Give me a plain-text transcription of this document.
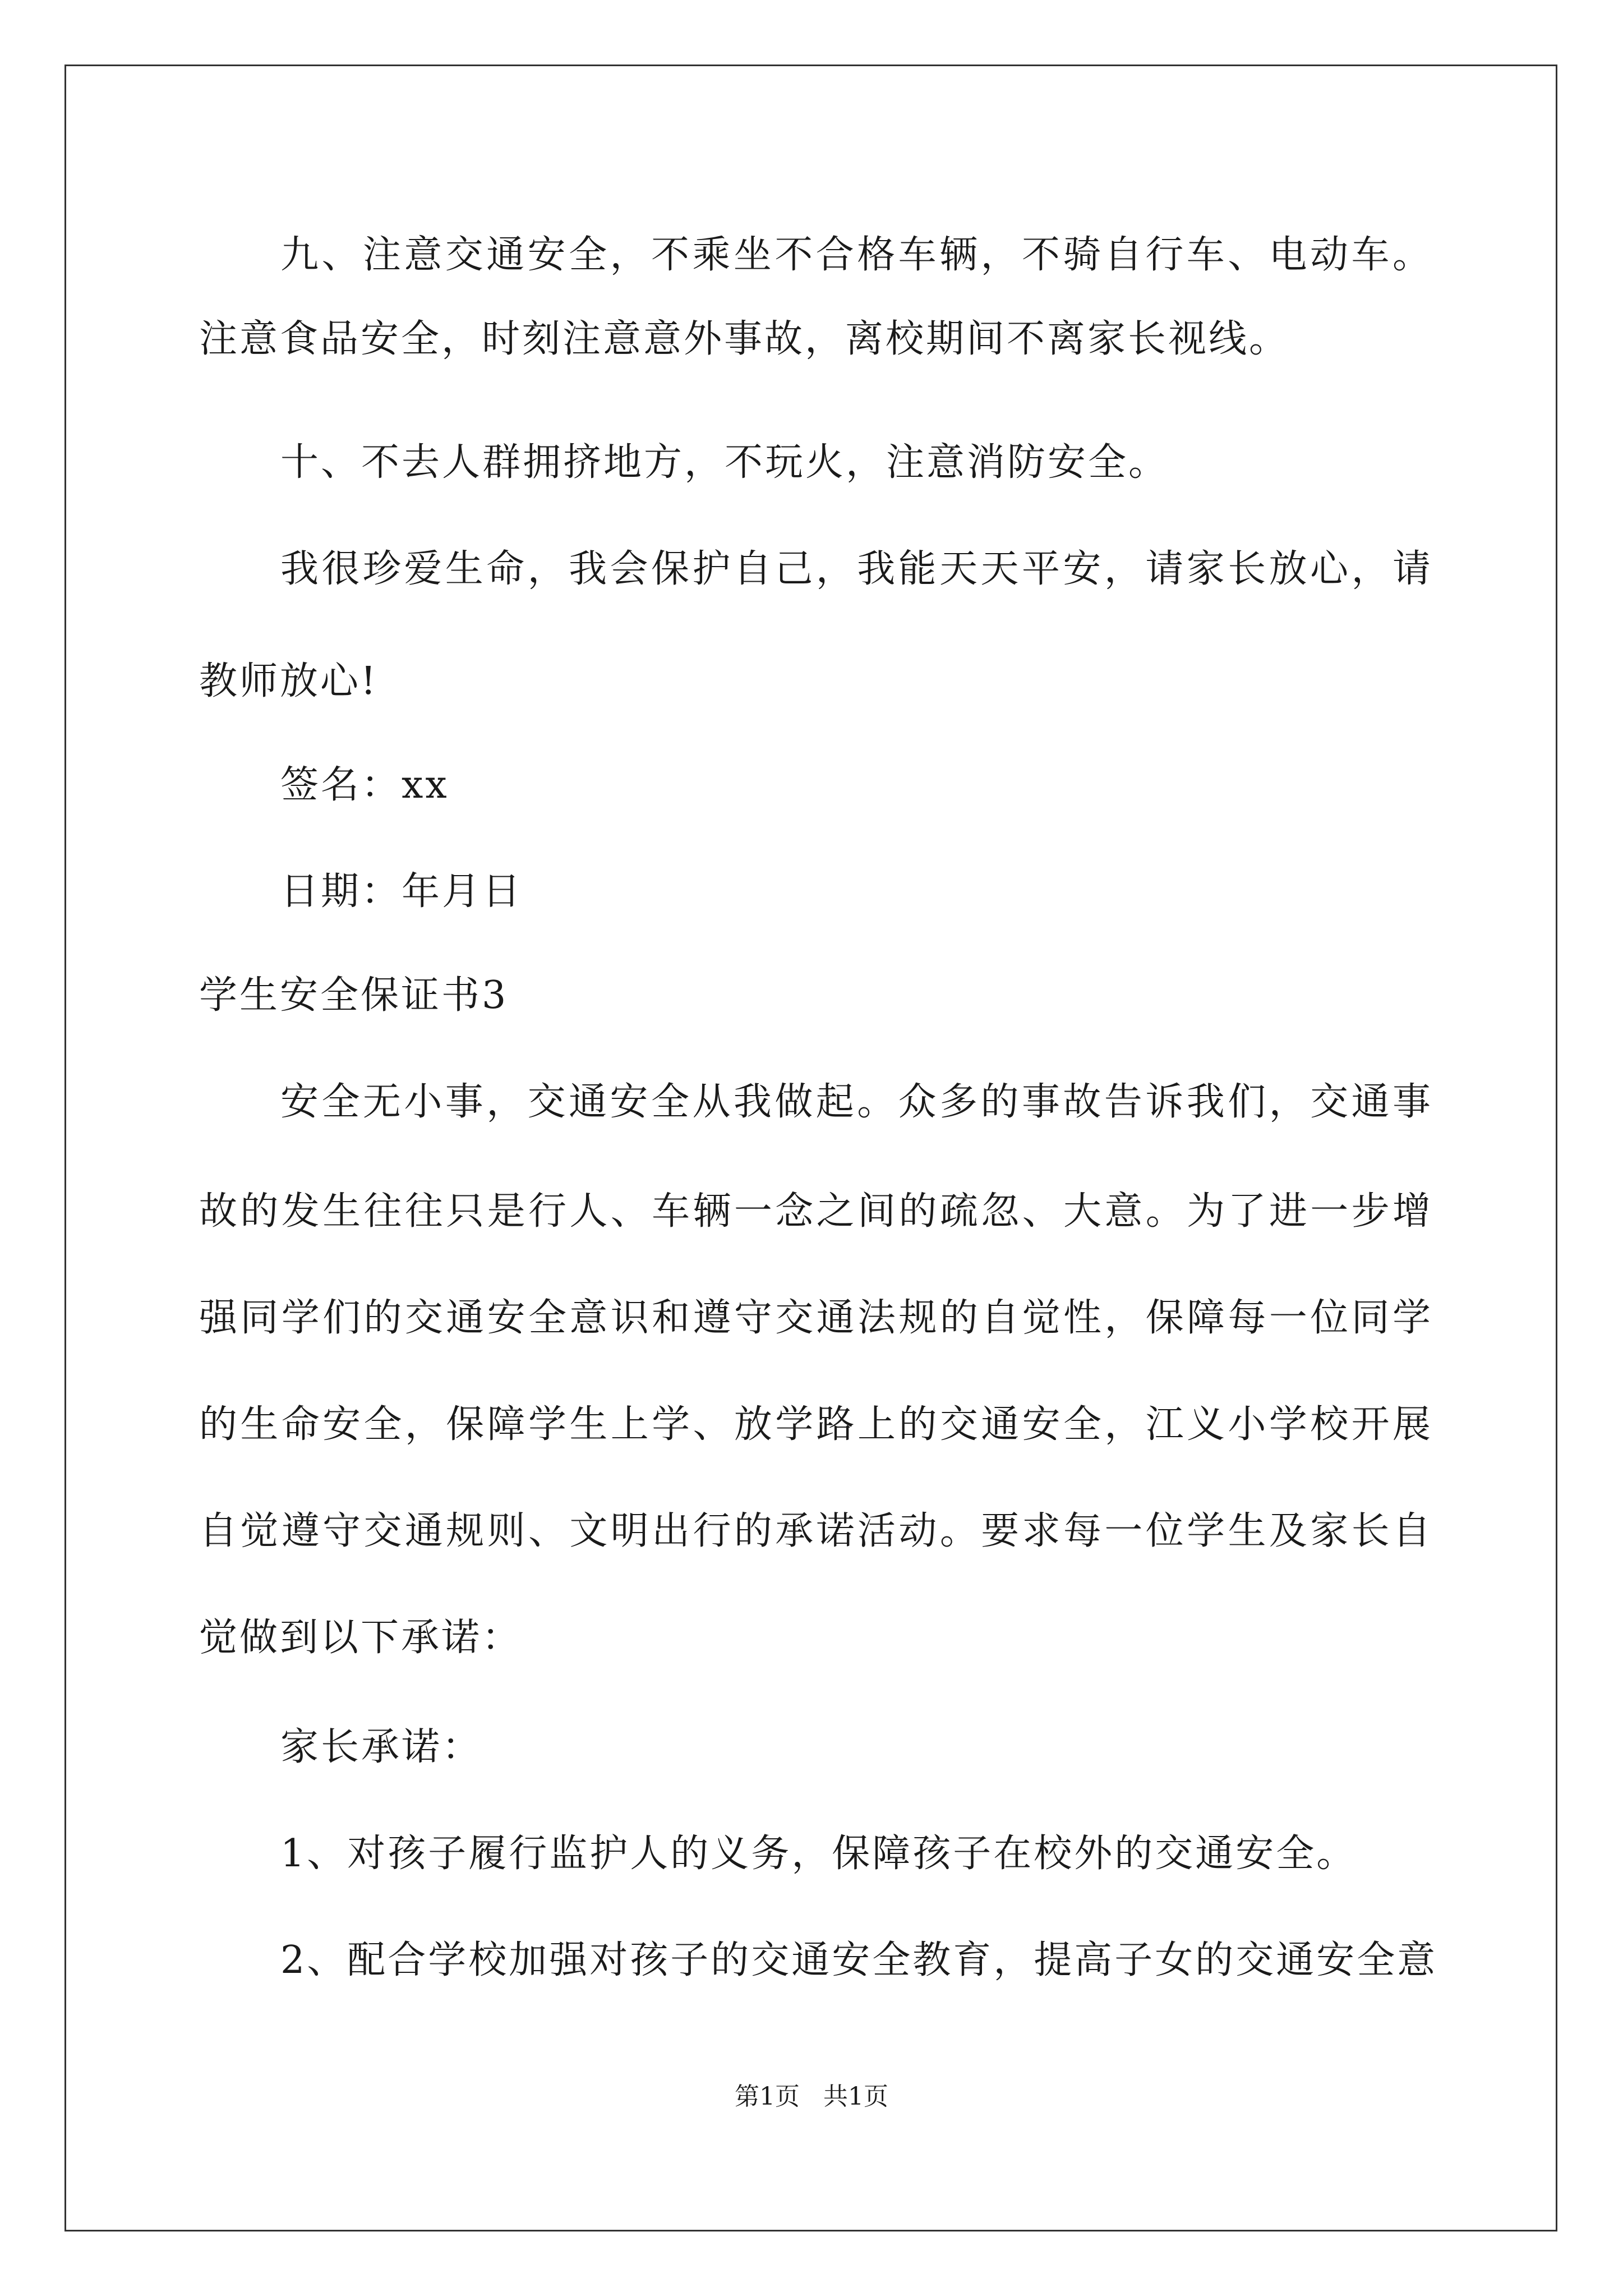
九、注意交通安全，不乘坐不合格车辆，不骑自行车、电动车。
注意食品安全，时刻注意意外事故，离校期间不离家长视线。
十、不去人群拥挤地方，不玩火，注意消防安全。
我很珍爱生命，我会保护自己，我能天天平安，请家长放心，请
教师放心!
签名：xx
日期：年月日
学生安全保证书3
安全无小事，交通安全从我做起。众多的事故告诉我们，交通事
故的发生往往只是行人、车辆一念之间的疏忽、大意。为了进一步增
强同学们的交通安全意识和遵守交通法规的自觉性，保障每一位同学
的生命安全，保障学生上学、放学路上的交通安全，江义小学校开展
自觉遵守交通规则、文明出行的承诺活动。要求每一位学生及家长自
觉做到以下承诺：
家长承诺：
1、对孩子履行监护人的义务，保障孩子在校外的交通安全。
2、配合学校加强对孩子的交通安全教育，提高子女的交通安全意
第1页   共1页
